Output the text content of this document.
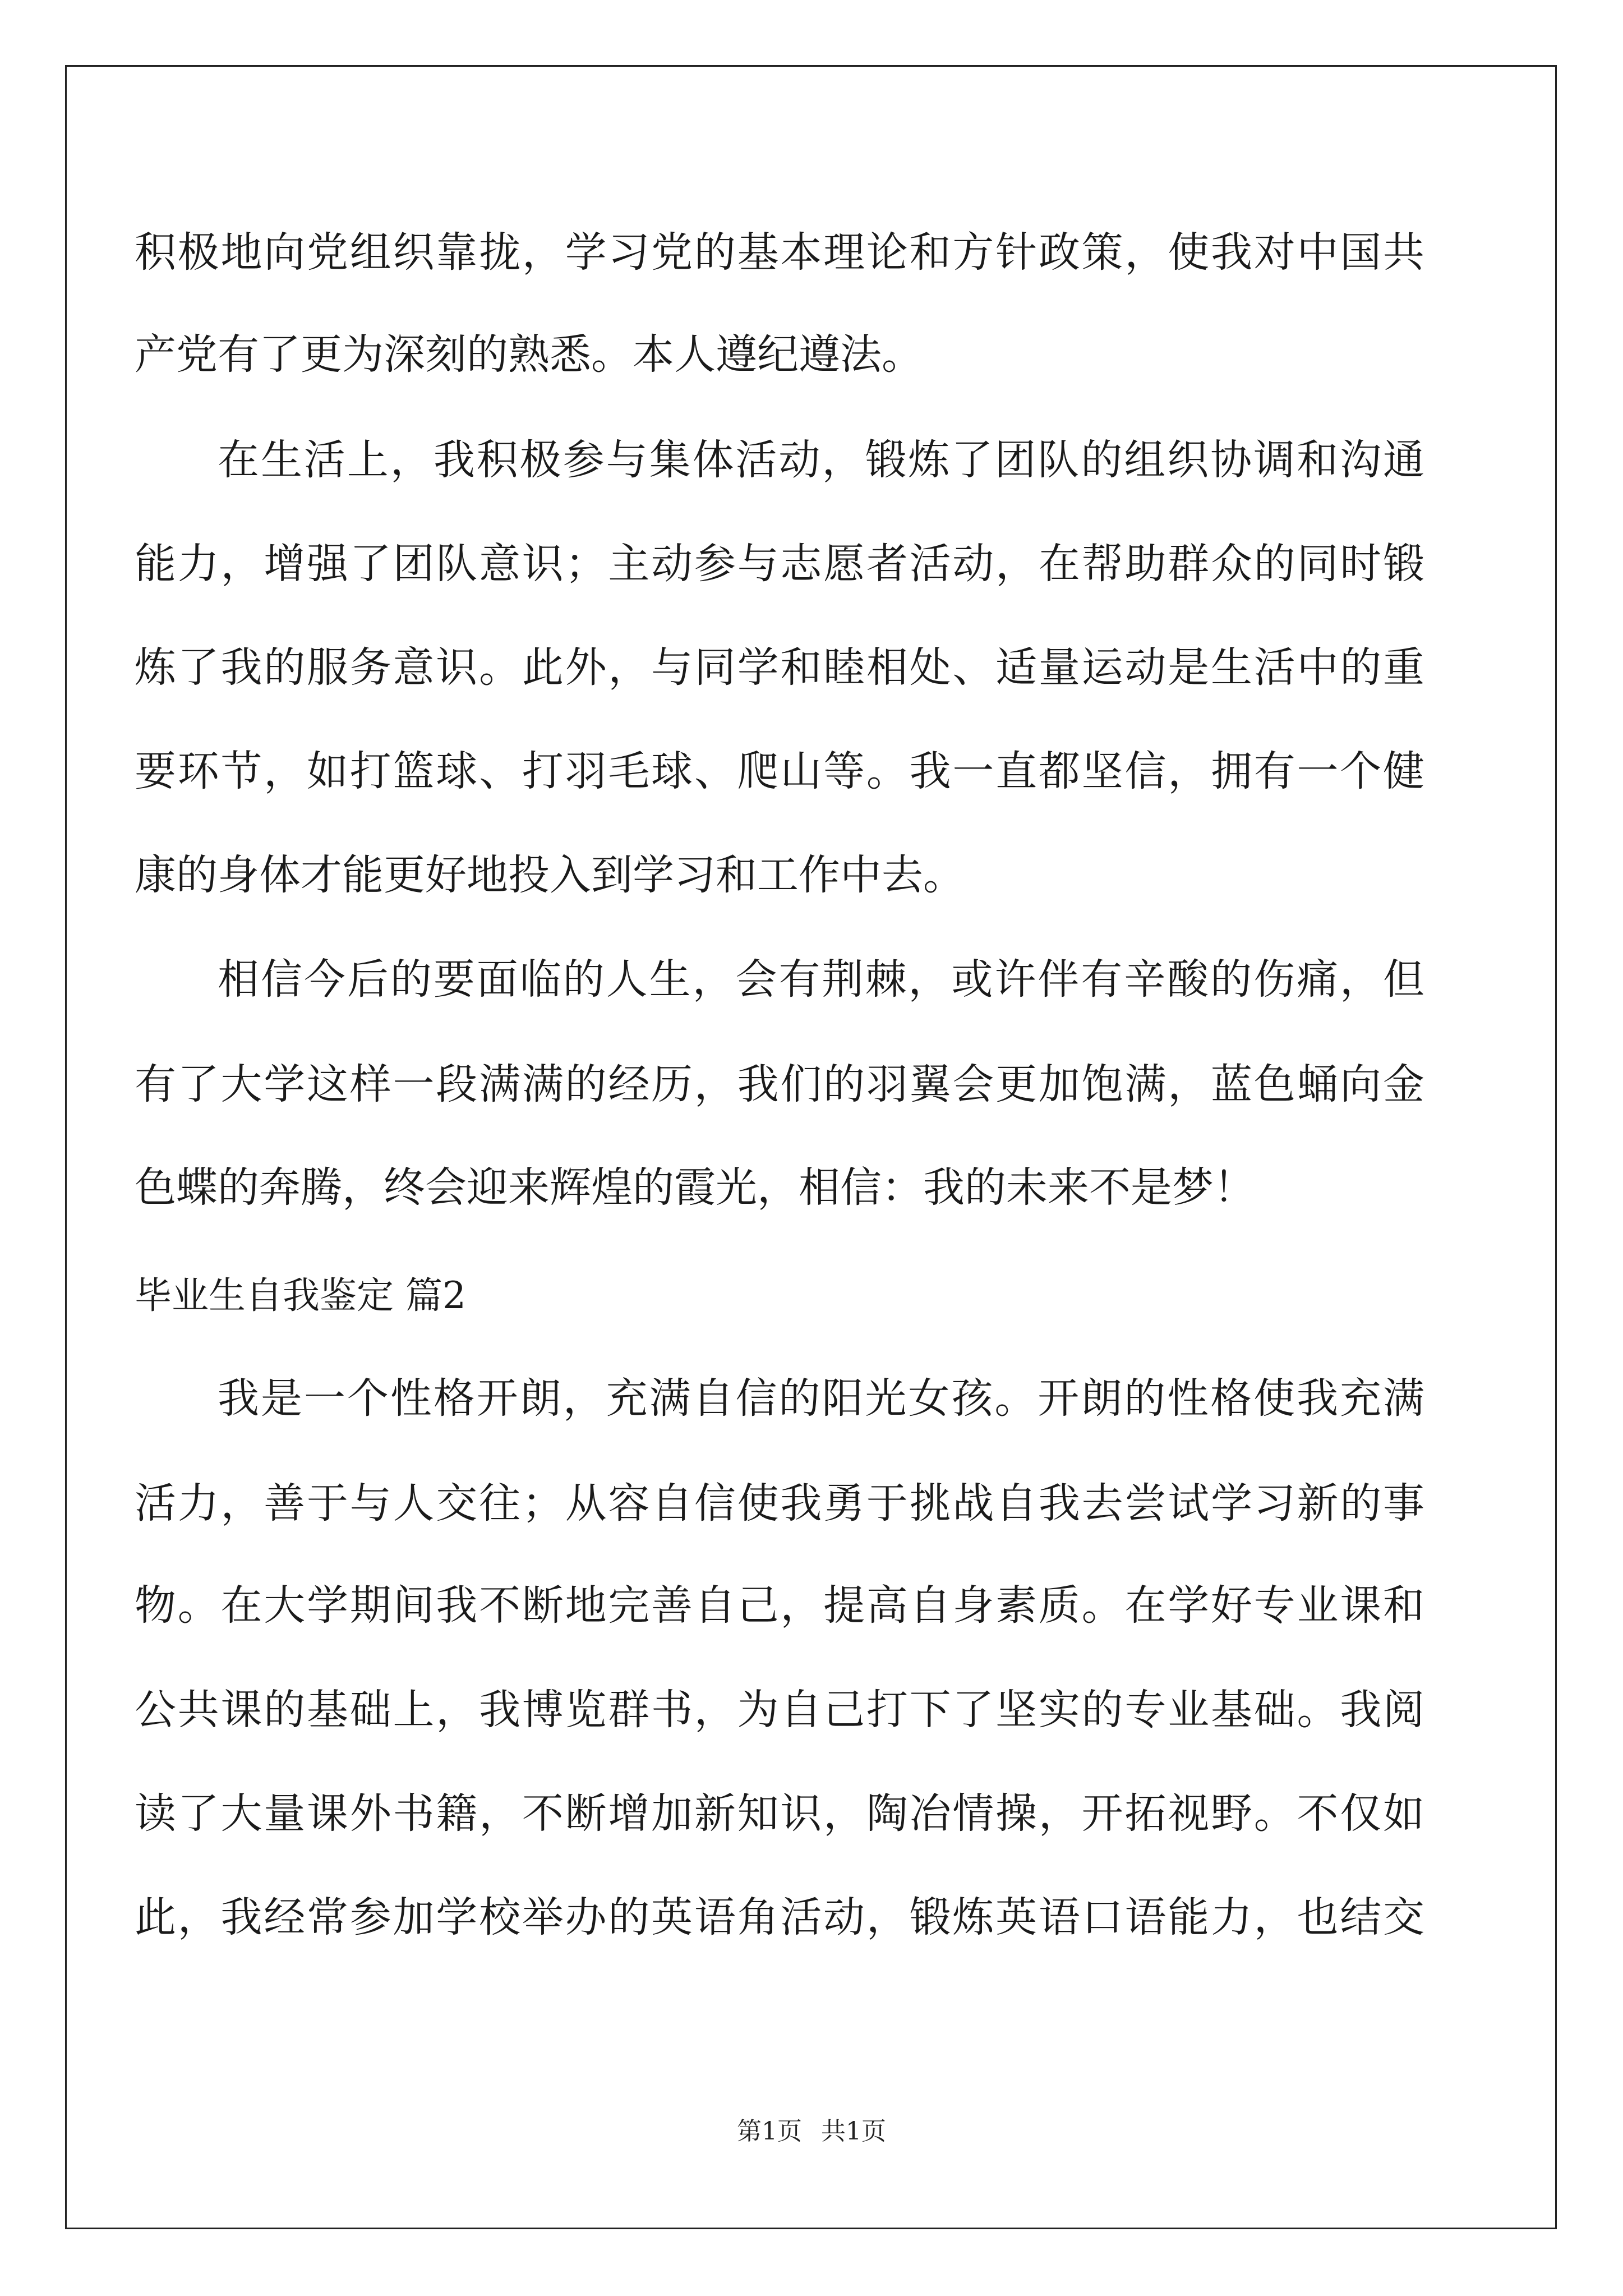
积极地向党组织靠拢，学习党的基本理论和方针政策，使我对中国共
产党有了更为深刻的熟悉。本人遵纪遵法。
在生活上，我积极参与集体活动，锻炼了团队的组织协调和沟通
能力，增强了团队意识；主动参与志愿者活动，在帮助群众的同时锻
炼了我的服务意识。此外，与同学和睦相处、适量运动是生活中的重
要环节，如打篮球、打羽毛球、爬山等。我一直都坚信，拥有一个健
康的身体才能更好地投入到学习和工作中去。
相信今后的要面临的人生，会有荆棘，或许伴有辛酸的伤痛，但
有了大学这样一段满满的经历，我们的羽翼会更加饱满，蓝色蛹向金
色蝶的奔腾，终会迎来辉煌的霞光，相信：我的未来不是梦！
毕业生自我鉴定 篇2
我是一个性格开朗，充满自信的阳光女孩。开朗的性格使我充满
活力，善于与人交往；从容自信使我勇于挑战自我去尝试学习新的事
物。在大学期间我不断地完善自己，提高自身素质。在学好专业课和
公共课的基础上，我博览群书，为自己打下了坚实的专业基础。我阅
读了大量课外书籍，不断增加新知识，陶冶情操，开拓视野。不仅如
此，我经常参加学校举办的英语角活动，锻炼英语口语能力，也结交
第1页 共1页
